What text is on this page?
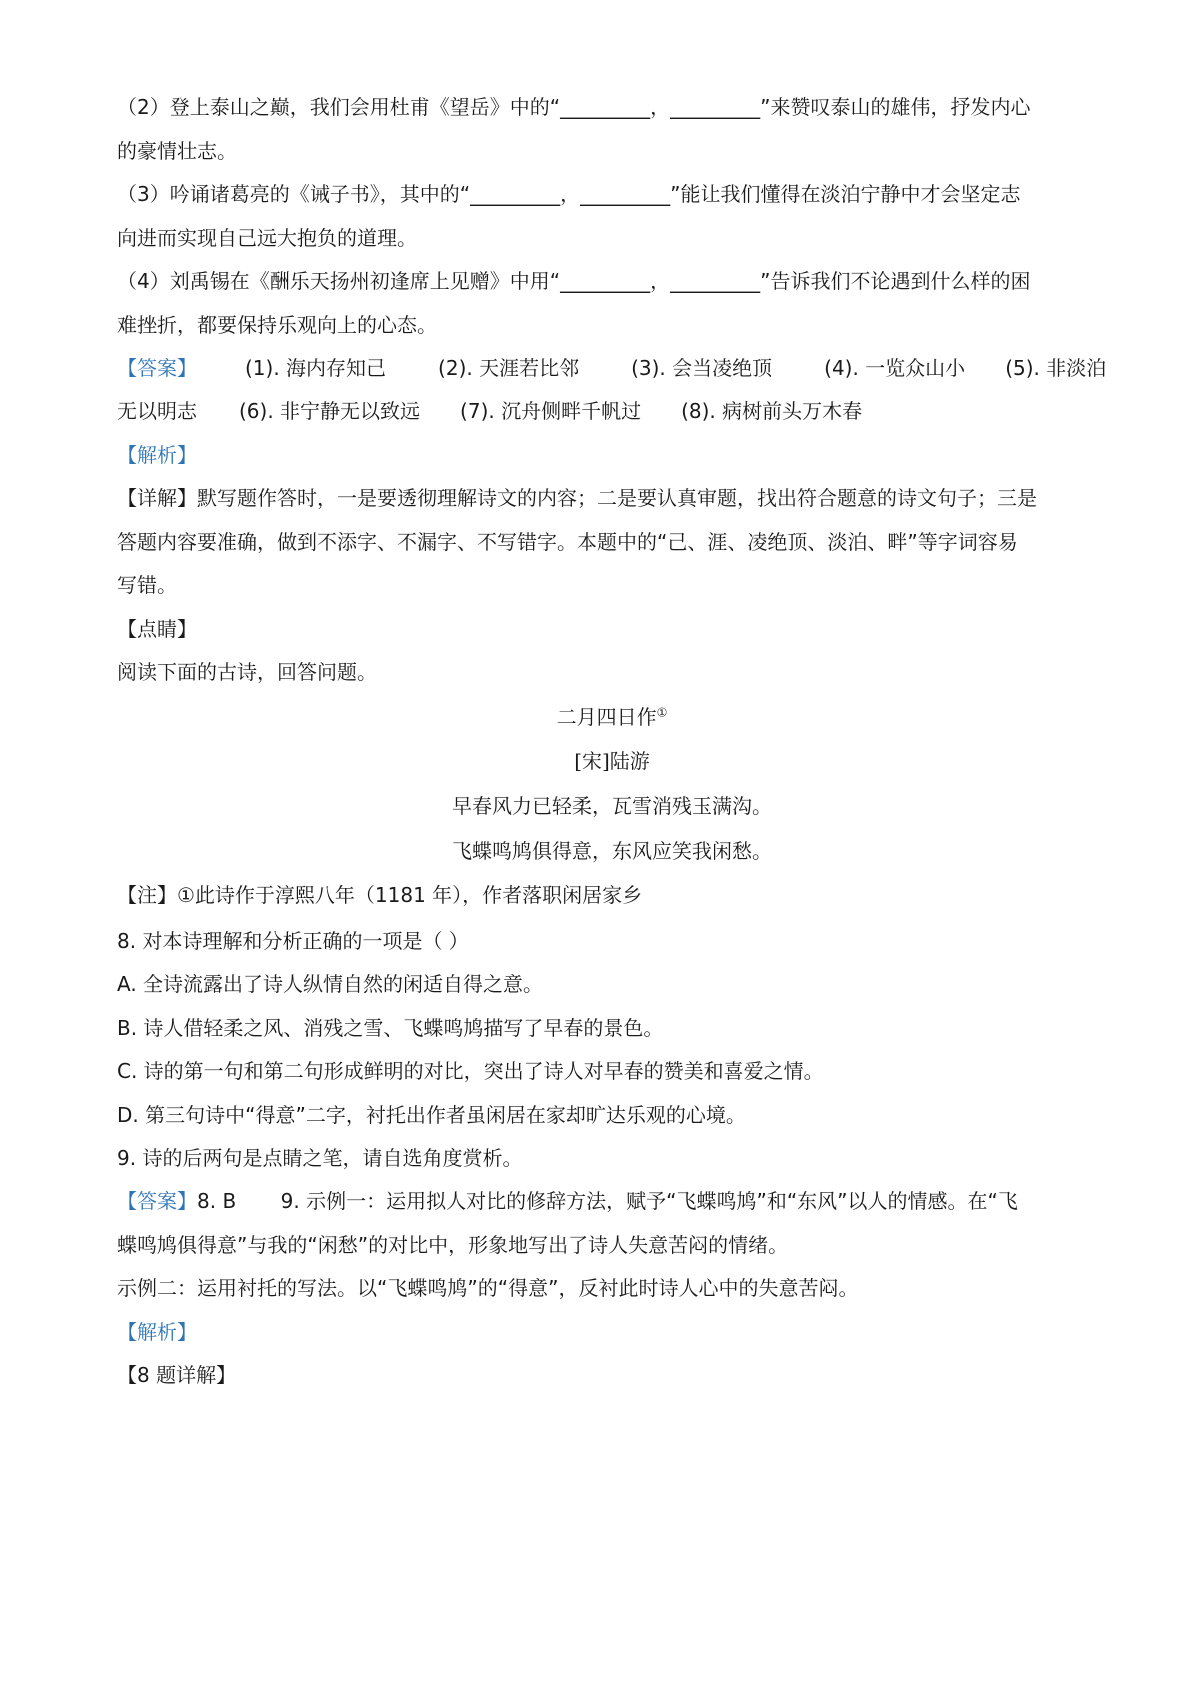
（2）登上泰山之巅，我们会用杜甫《望岳》中的“_________，_________”来赞叹泰山的雄伟，抒发内心
的豪情壮志。
（3）吟诵诸葛亮的《诫子书》，其中的“_________，_________”能让我们懂得在淡泊宁静中才会坚定志
向进而实现自己远大抱负的道理。
（4）刘禹锡在《酬乐天扬州初逢席上见赠》中用“_________，_________”告诉我们不论遇到什么样的困
难挫折，都要保持乐观向上的心态。
【答案】 (1). 海内存知己	(2). 天涯若比邻	(3). 会当凌绝顶	(4). 一览众山小 (5). 非淡泊
无以明志 (6). 非宁静无以致远 (7). 沉舟侧畔千帆过 (8). 病树前头万木春
【解析】
【详解】默写题作答时，一是要透彻理解诗文的内容；二是要认真审题，找出符合题意的诗文句子；三是
答题内容要准确，做到不添字、不漏字、不写错字。本题中的“己、涯、凌绝顶、淡泊、畔”等字词容易
写错。
【点睛】
阅读下面的古诗，回答问题。
二月四日作①
[宋]陆游
早春风力已轻柔，瓦雪消残玉满沟。
飞蝶鸣鸠俱得意，东风应笑我闲愁。
【注】①此诗作于淳熙八年（1181 年），作者落职闲居家乡
8. 对本诗理解和分析正确的一项是（ ）
A. 全诗流露出了诗人纵情自然的闲适自得之意。
B. 诗人借轻柔之风、消残之雪、飞蝶鸣鸠描写了早春的景色。
C. 诗的第一句和第二句形成鲜明的对比，突出了诗人对早春的赞美和喜爱之情。
D. 第三句诗中“得意”二字，衬托出作者虽闲居在家却旷达乐观的心境。
9. 诗的后两句是点睛之笔，请自选角度赏析。
【答案】8. B       9. 示例一：运用拟人对比的修辞方法，赋予“飞蝶鸣鸠”和“东风”以人的情感。在“飞
蝶鸣鸠俱得意”与我的“闲愁”的对比中，形象地写出了诗人失意苦闷的情绪。
示例二：运用衬托的写法。以“飞蝶鸣鸠”的“得意”，反衬此时诗人心中的失意苦闷。
【解析】
【8 题详解】
